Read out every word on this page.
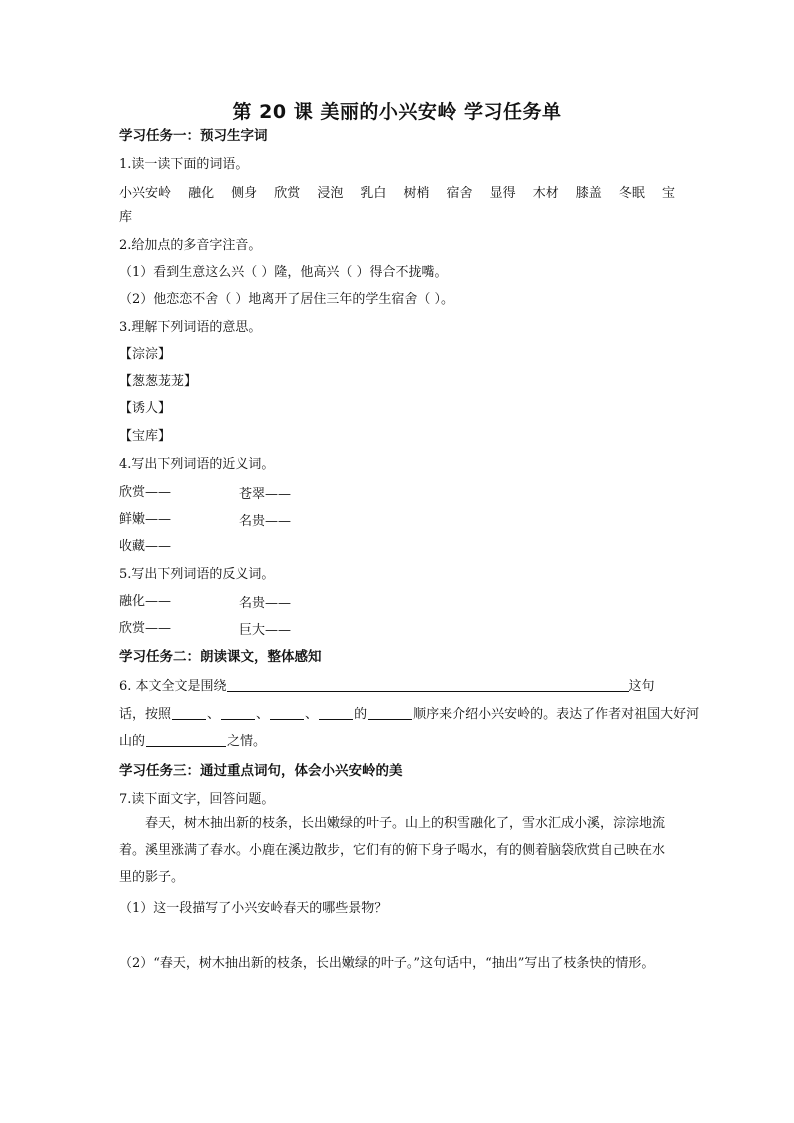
第 20 课 美丽的小兴安岭 学习任务单
学习任务一：预习生字词
1.读一读下面的词语。
小兴安岭 融化 侧身 欣赏 浸泡 乳白 树梢 宿舍 显得 木材 膝盖 冬眠 宝
库
2.给加点的多音字注音。
（1）看到生意这么兴（ ）隆，他高兴（ ）得合不拢嘴。
（2）他恋恋不舍（ ）地离开了居住三年的学生宿舍（ ）。
3.理解下列词语的意思。
【淙淙】
【葱葱茏茏】
【诱人】
【宝库】
4.写出下列词语的近义词。
欣赏——	苍翠——
鲜嫩——	名贵——
收藏——
5.写出下列词语的反义词。
融化——	名贵——
欣赏——	巨大——
学习任务二：朗读课文，整体感知
6. 本文全文是围绕	这句
话，按照	、	、	、	的	顺序来介绍小兴安岭的。表达了作者对祖国大好河
山的	之情。
学习任务三：通过重点词句，体会小兴安岭的美
7.读下面文字，回答问题。
春天，树木抽出新的枝条，长出嫩绿的叶子。山上的积雪融化了，雪水汇成小溪，淙淙地流着。溪里涨满了春水。小鹿在溪边散步，它们有的俯下身子喝水，有的侧着脑袋欣赏自己映在水里的影子。
（1）这一段描写了小兴安岭春天的哪些景物？
（2）“春天，树木抽出新的枝条，长出嫩绿的叶子。”这句话中，“抽出”写出了枝条快的情形。
